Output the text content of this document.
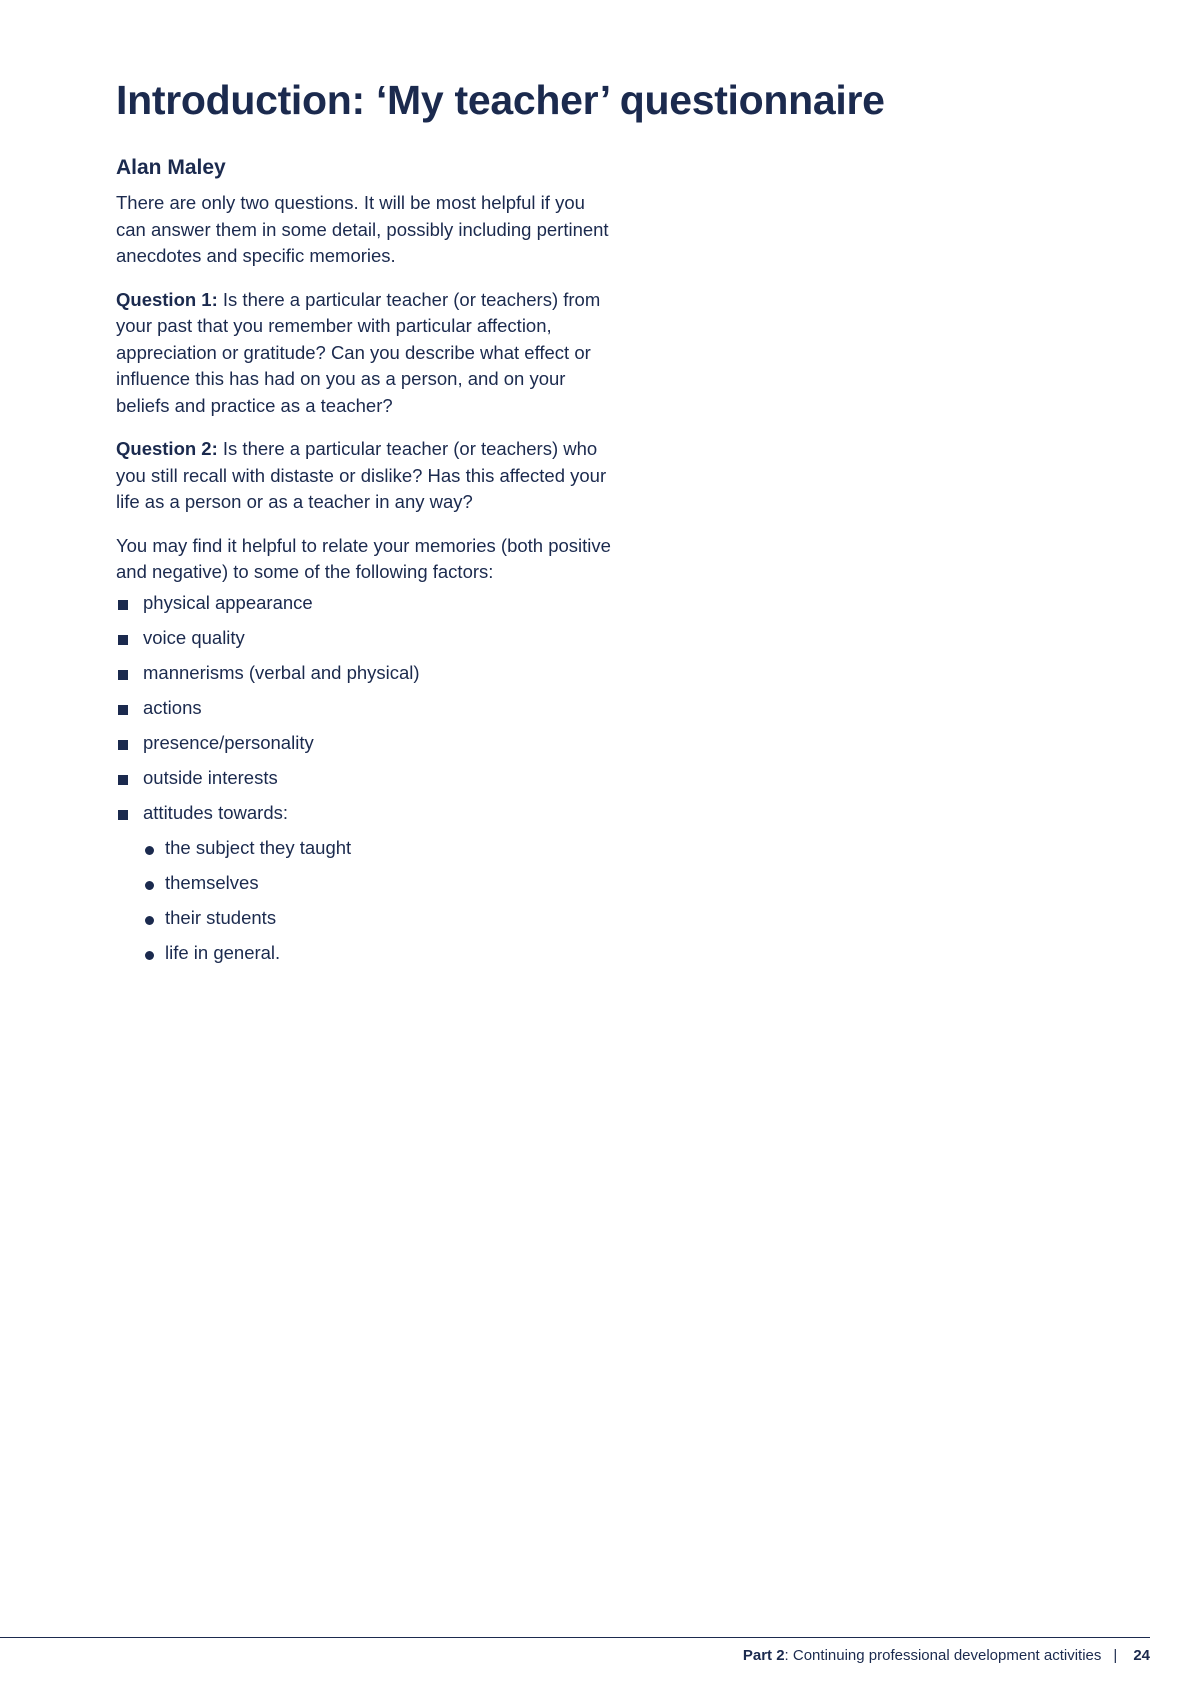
Introduction: ‘My teacher’ questionnaire
Alan Maley

There are only two questions. It will be most helpful if you can answer them in some detail, possibly including pertinent anecdotes and specific memories.

Question 1: Is there a particular teacher (or teachers) from your past that you remember with particular affection, appreciation or gratitude? Can you describe what effect or influence this has had on you as a person, and on your beliefs and practice as a teacher?

Question 2: Is there a particular teacher (or teachers) who you still recall with distaste or dislike? Has this affected your life as a person or as a teacher in any way?

You may find it helpful to relate your memories (both positive and negative) to some of the following factors:

physical appearance
voice quality
mannerisms (verbal and physical)
actions
presence/personality
outside interests
attitudes towards:
the subject they taught
themselves
their students
life in general.
Part 2: Continuing professional development activities | 24
